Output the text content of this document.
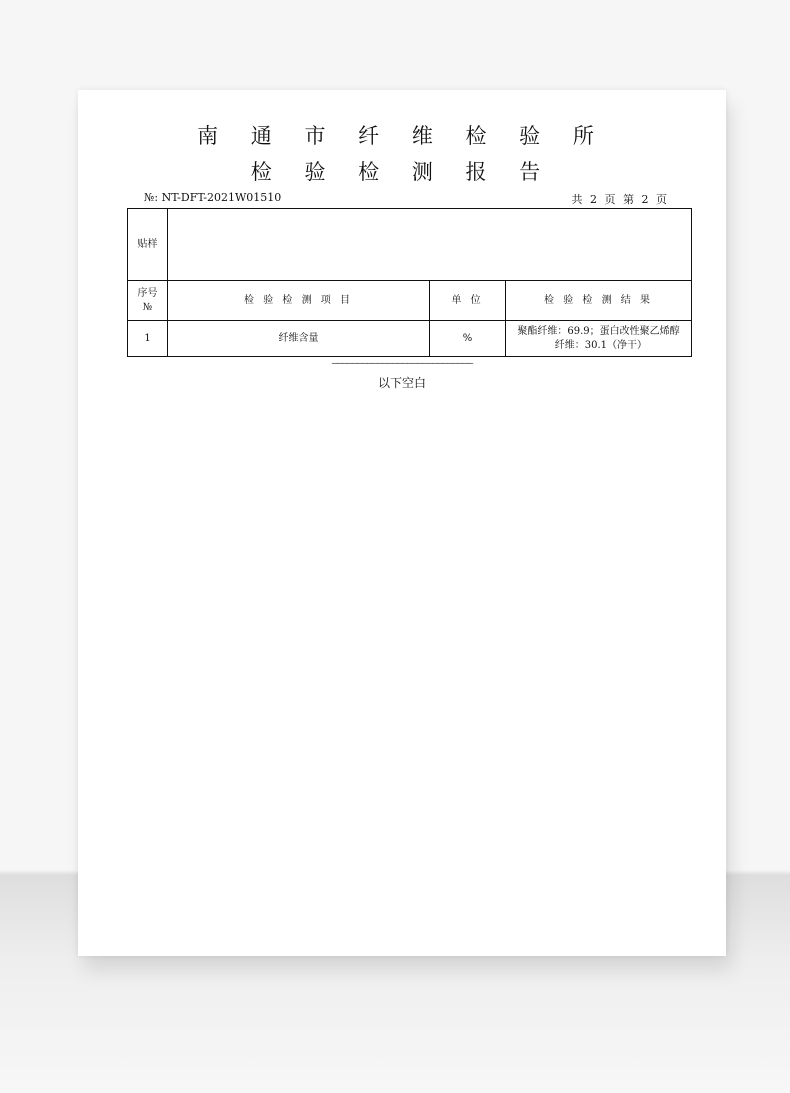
南 通 市 纤 维 检 验 所
检 验 检 测 报 告
№: NT-DFT-2021W01510	共 2 页 第 2 页
贴样			
序号
№	检 验 检 测 项 目	单 位	检 验 检 测 结 果
1	纤维含量	%	聚酯纤维：69.9；蛋白改性聚乙烯醇
纤维：30.1（净干）
————————————————————————————
以下空白
